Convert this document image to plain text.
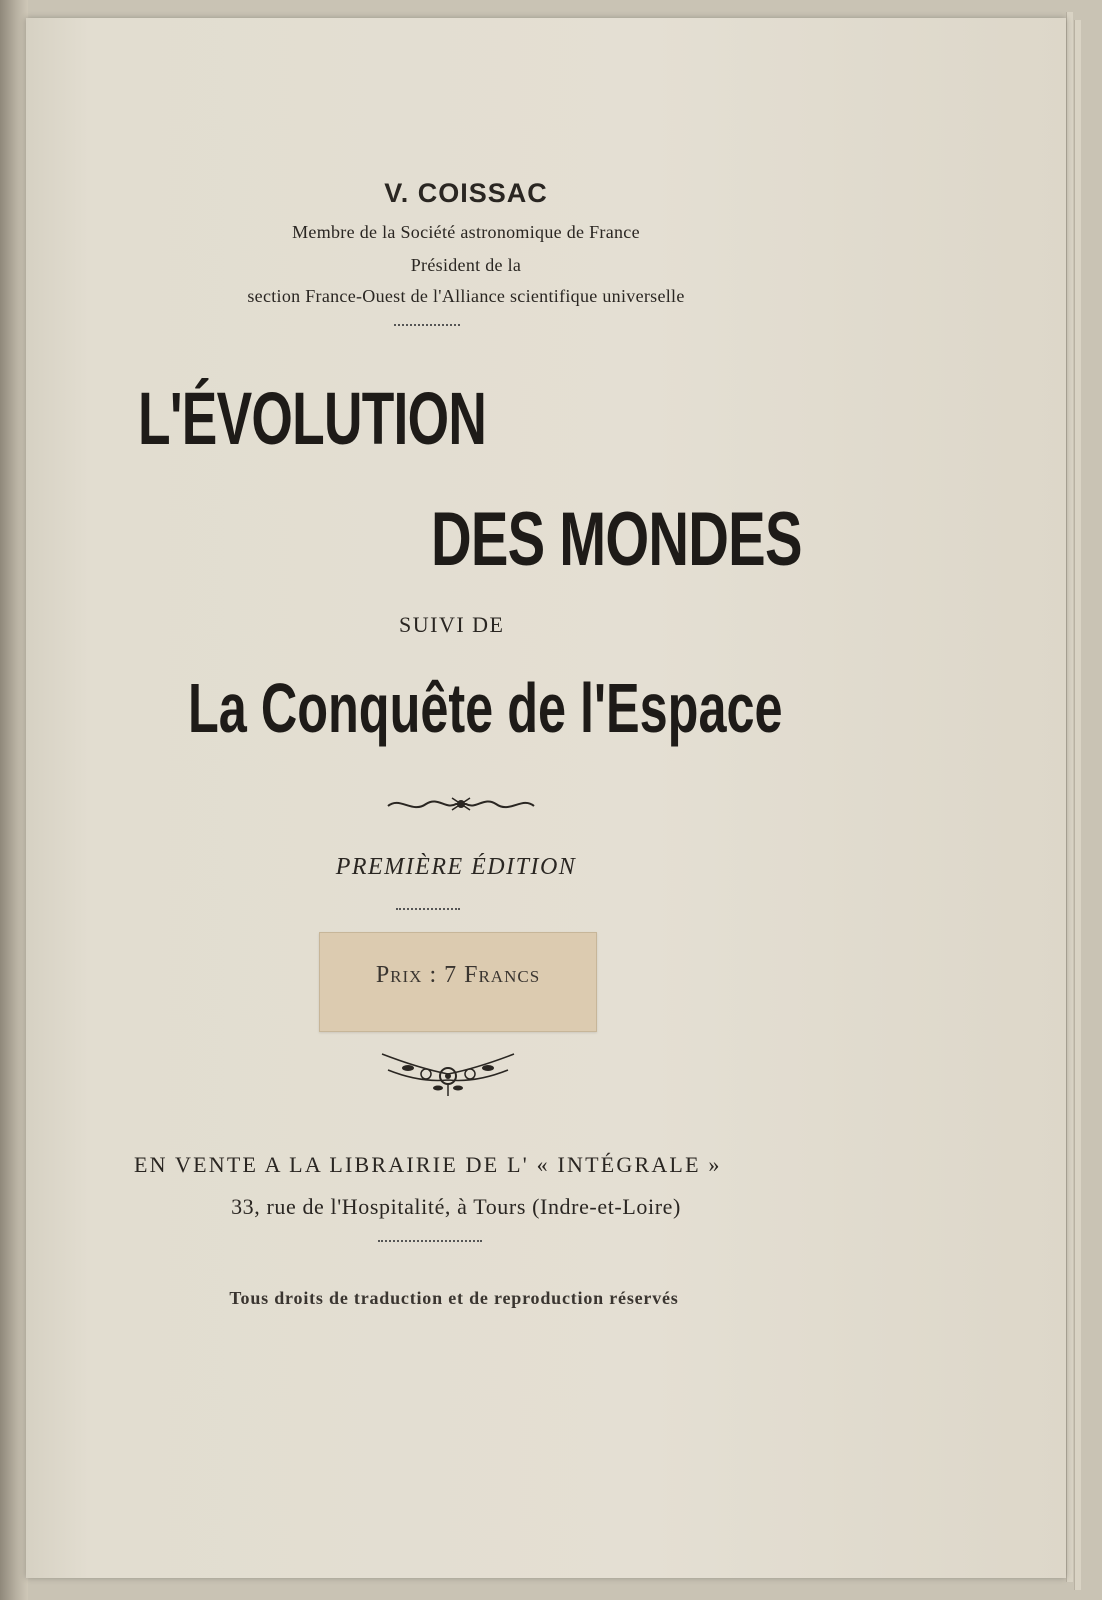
V. COISSAC
Membre de la Société astronomique de France
Président de la
section France-Ouest de l'Alliance scientifique universelle
L'ÉVOLUTION
DES MONDES
SUIVI DE
La Conquête de l'Espace
PREMIÈRE ÉDITION
Prix : 7 Francs
EN VENTE A LA LIBRAIRIE DE L' « INTÉGRALE »
33, rue de l'Hospitalité, à Tours (Indre-et-Loire)
Tous droits de traduction et de reproduction réservés
